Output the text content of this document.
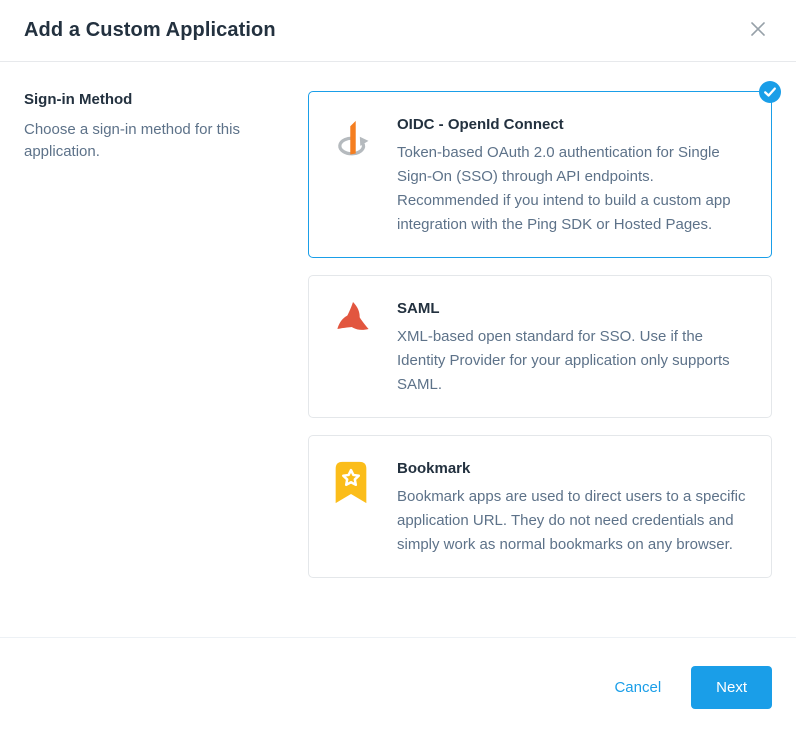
Add a Custom Application
Sign-in Method
Choose a sign-in method for this application.
OIDC - OpenId Connect
Token-based OAuth 2.0 authentication for Single Sign-On (SSO) through API endpoints. Recommended if you intend to build a custom app integration with the Ping SDK or Hosted Pages.
SAML
XML-based open standard for SSO. Use if the Identity Provider for your application only supports SAML.
Bookmark
Bookmark apps are used to direct users to a specific application URL. They do not need credentials and simply work as normal bookmarks on any browser.
Cancel	Next
